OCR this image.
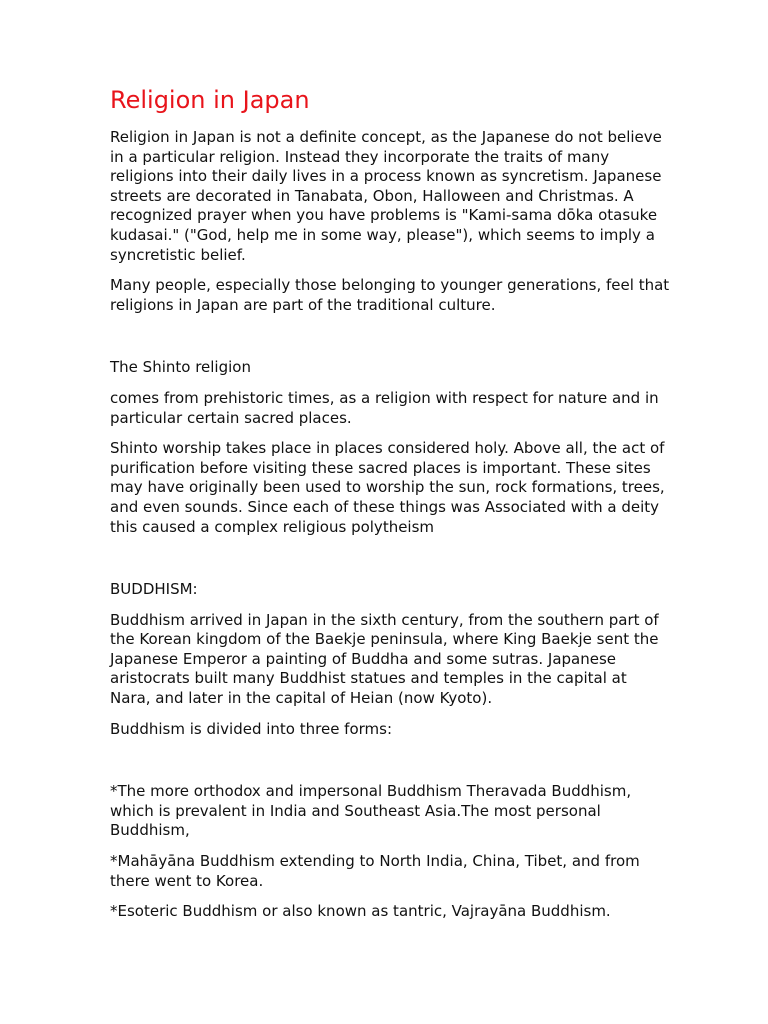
Religion in Japan

Religion in Japan is not a definite concept, as the Japanese do not believe in a particular religion. Instead they incorporate the traits of many religions into their daily lives in a process known as syncretism. Japanese streets are decorated in Tanabata, Obon, Halloween and Christmas. A recognized prayer when you have problems is "Kami-sama dōka otasuke kudasai." ("God, help me in some way, please"), which seems to imply a syncretistic belief.

Many people, especially those belonging to younger generations, feel that religions in Japan are part of the traditional culture.

The Shinto religion

comes from prehistoric times, as a religion with respect for nature and in particular certain sacred places.

Shinto worship takes place in places considered holy. Above all, the act of purification before visiting these sacred places is important. These sites may have originally been used to worship the sun, rock formations, trees, and even sounds. Since each of these things was Associated with a deity this caused a complex religious polytheism

BUDDHISM:

Buddhism arrived in Japan in the sixth century, from the southern part of the Korean kingdom of the Baekje peninsula, where King Baekje sent the Japanese Emperor a painting of Buddha and some sutras. Japanese aristocrats built many Buddhist statues and temples in the capital at Nara, and later in the capital of Heian (now Kyoto).

Buddhism is divided into three forms:

*The more orthodox and impersonal Buddhism Theravada Buddhism, which is prevalent in India and Southeast Asia.The most personal Buddhism,

*Mahāyāna Buddhism extending to North India, China, Tibet, and from there went to Korea.

*Esoteric Buddhism or also known as tantric, Vajrayāna Buddhism.
